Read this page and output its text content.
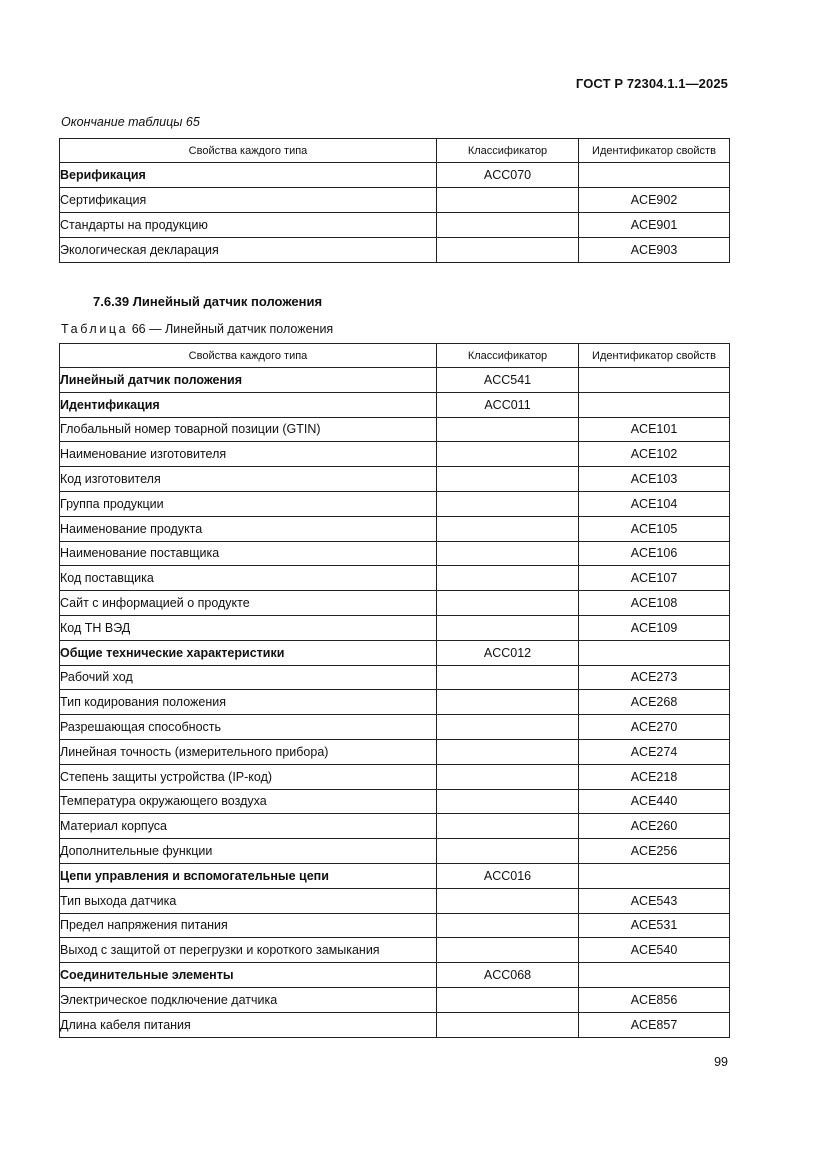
ГОСТ Р 72304.1.1—2025
Окончание таблицы 65
Свойства каждого типа	Классификатор	Идентификатор свойств
Верификация	ACC070	
Сертификация		ACE902
Стандарты на продукцию		ACE901
Экологическая декларация		ACE903
7.6.39 Линейный датчик положения
Таблица 66 — Линейный датчик положения
Свойства каждого типа	Классификатор	Идентификатор свойств
Линейный датчик положения	ACC541	
Идентификация	ACC011	
Глобальный номер товарной позиции (GTIN)		ACE101
Наименование изготовителя		ACE102
Код изготовителя		ACE103
Группа продукции		ACE104
Наименование продукта		ACE105
Наименование поставщика		ACE106
Код поставщика		ACE107
Сайт с информацией о продукте		ACE108
Код ТН ВЭД		ACE109
Общие технические характеристики	ACC012	
Рабочий ход		ACE273
Тип кодирования положения		ACE268
Разрешающая способность		ACE270
Линейная точность (измерительного прибора)		ACE274
Степень защиты устройства (IP-код)		ACE218
Температура окружающего воздуха		ACE440
Материал корпуса		ACE260
Дополнительные функции		ACE256
Цепи управления и вспомогательные цепи	ACC016	
Тип выхода датчика		ACE543
Предел напряжения питания		ACE531
Выход с защитой от перегрузки и короткого замыкания		ACE540
Соединительные элементы	ACC068	
Электрическое подключение датчика		ACE856
Длина кабеля питания		ACE857
99
